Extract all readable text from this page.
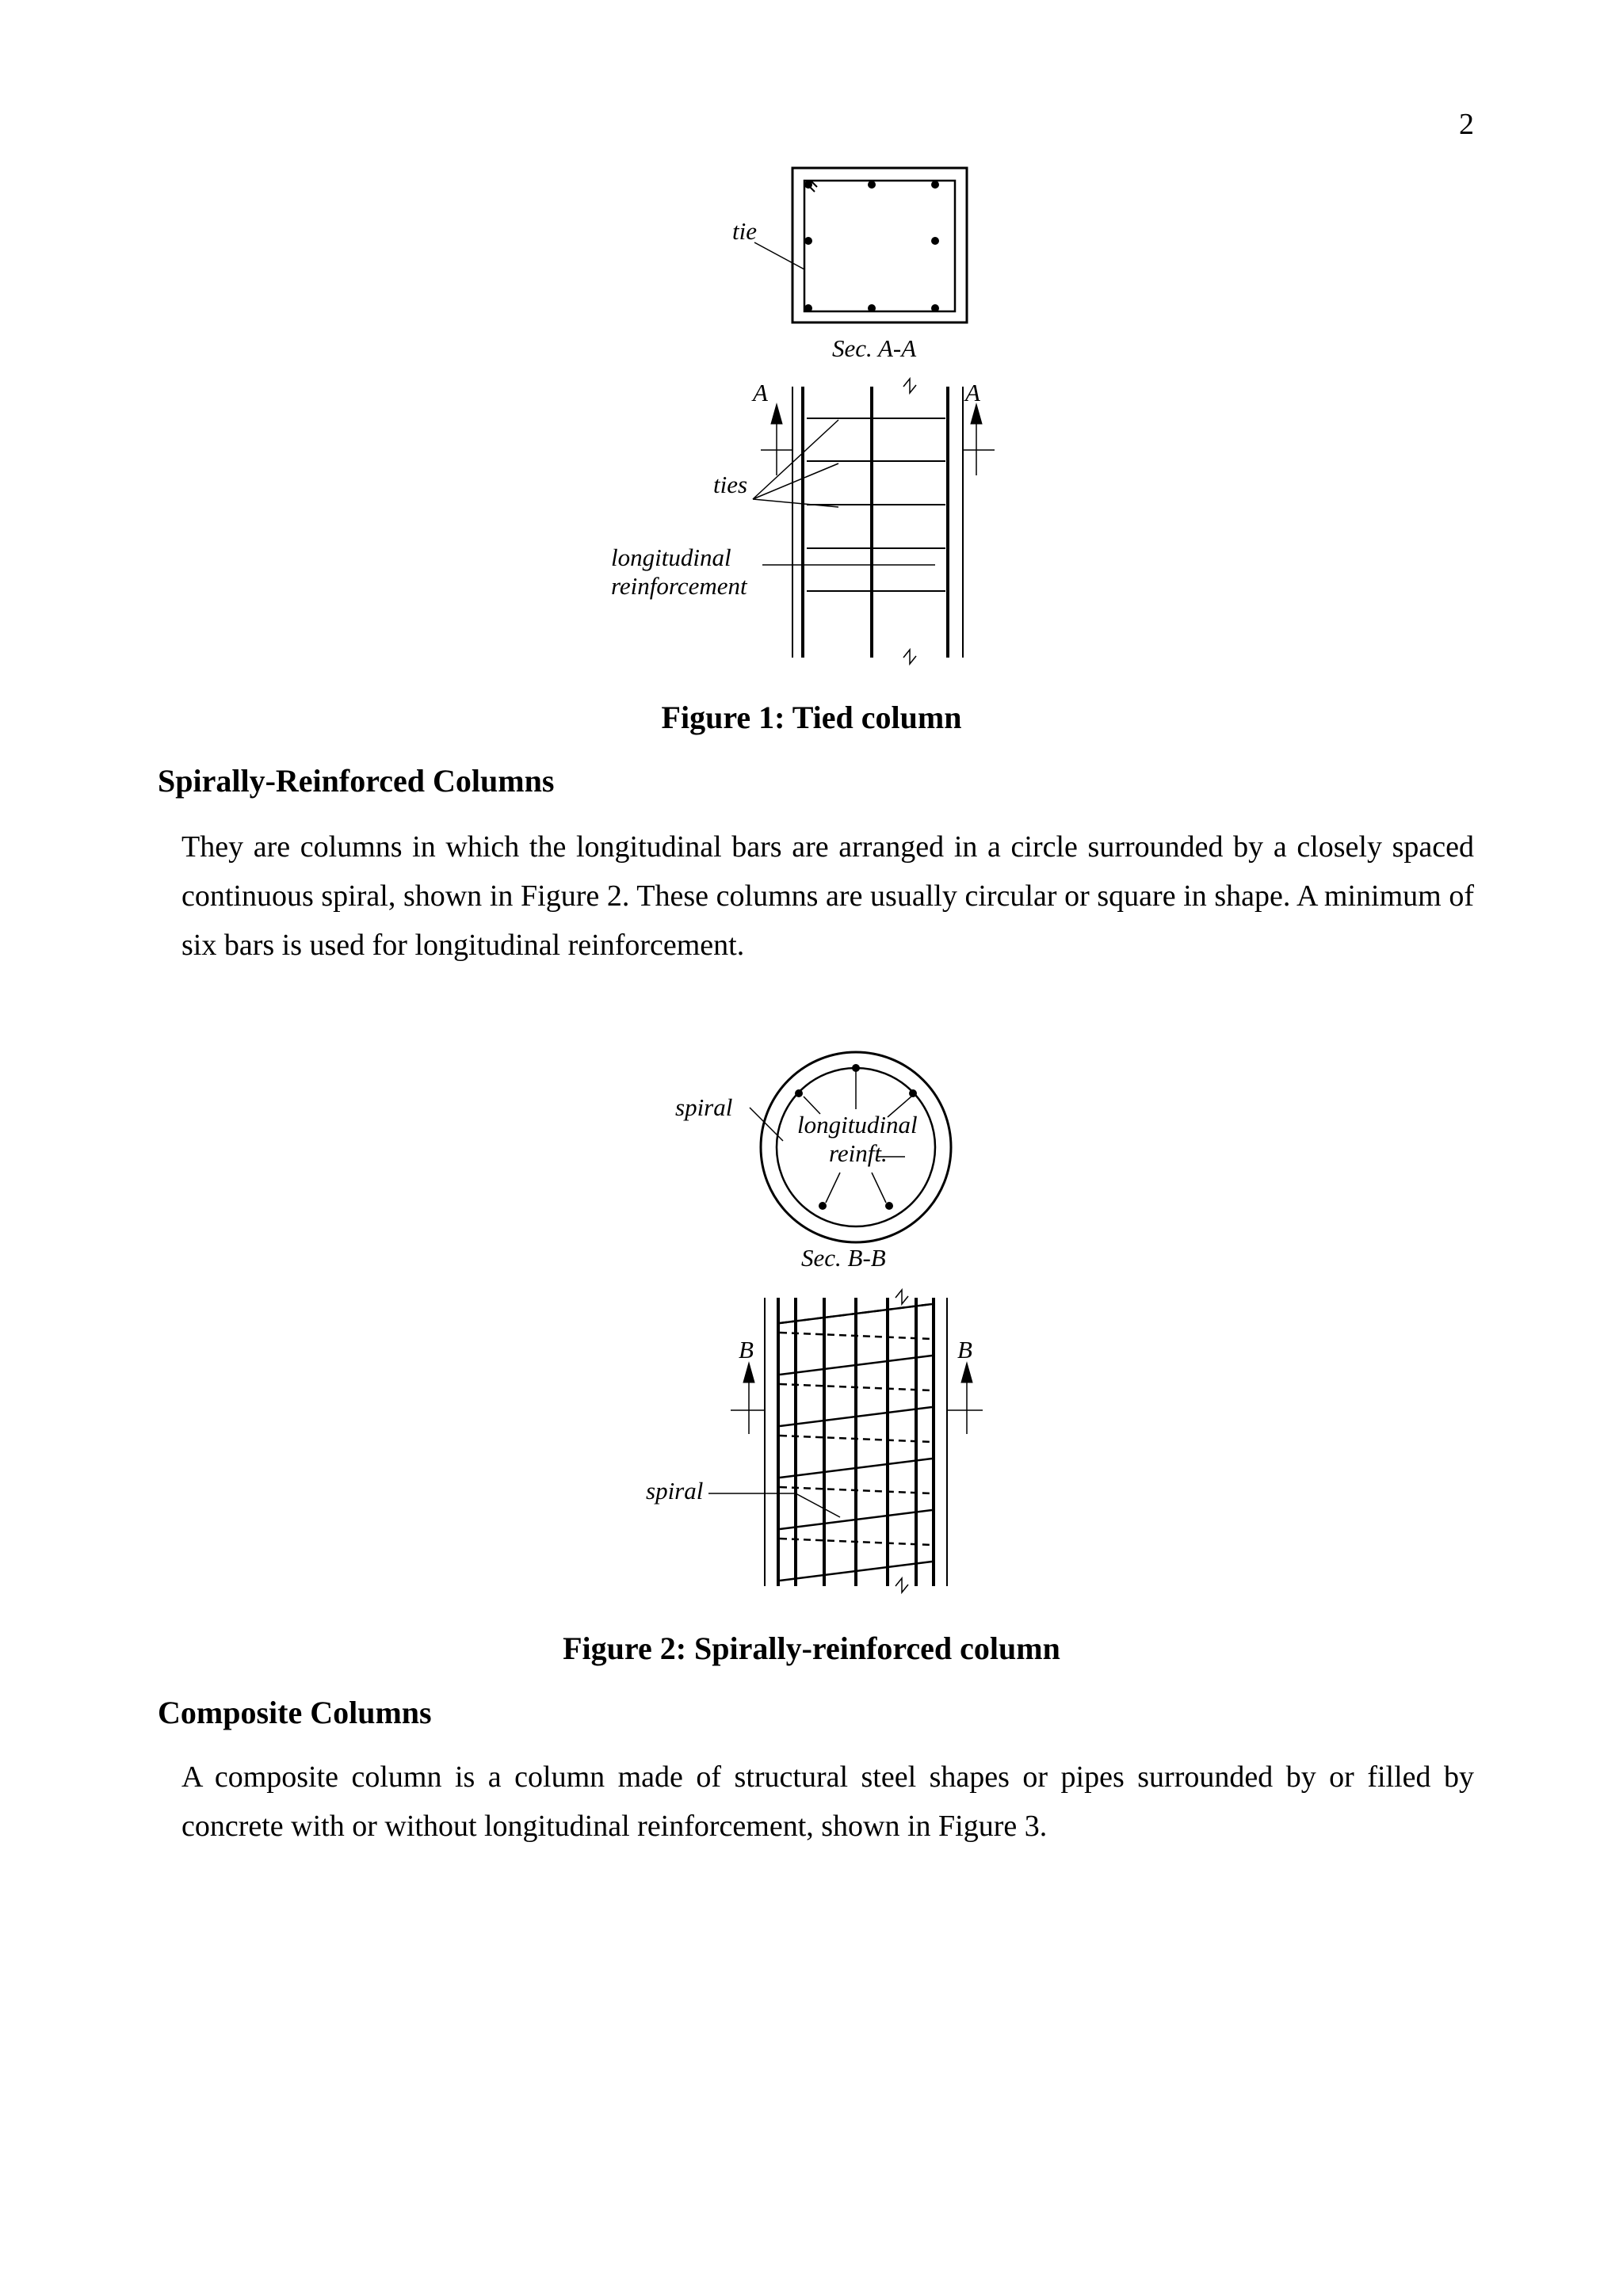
2
tie
Sec. A-A
A	A
ties
longitudinal
reinforcement
Figure 1: Tied column
Spirally-Reinforced Columns

They are columns in which the longitudinal bars are arranged in a circle surrounded by a closely spaced continuous spiral, shown in Figure 2. These columns are usually circular or square in shape. A minimum of six bars is used for longitudinal reinforcement.

spiral
longitudinal
reinft.
Sec. B-B
B	B
spiral
Figure 2: Spirally-reinforced column
Composite Columns

A composite column is a column made of structural steel shapes or pipes surrounded by or filled by concrete with or without longitudinal reinforcement, shown in Figure 3.
